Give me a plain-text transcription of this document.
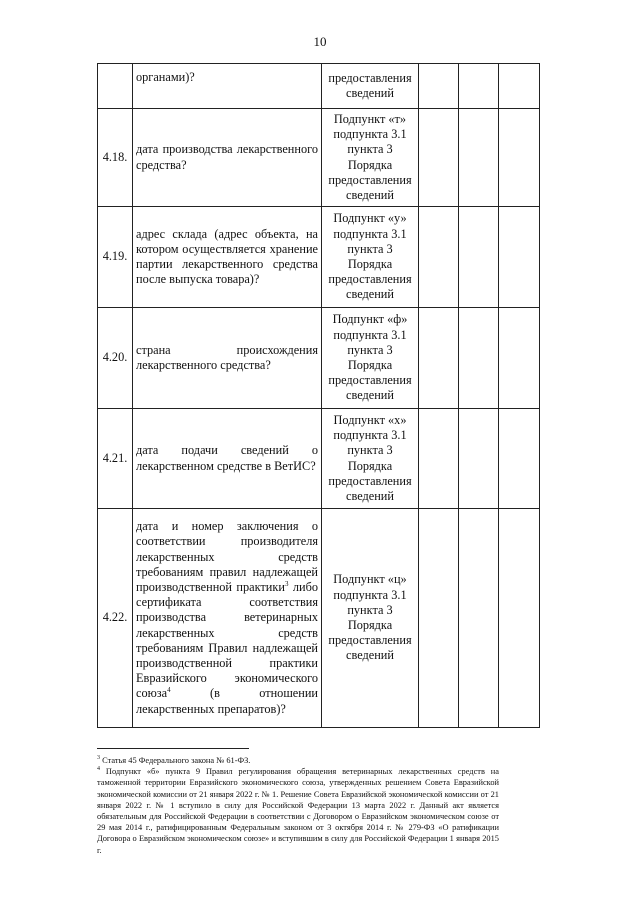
10
	органами)?	предоставления сведений			
4.18.	дата производства лекарственного средства?	Подпункт «т» подпункта 3.1 пункта 3 Порядка предоставления сведений			
4.19.	адрес склада (адрес объекта, на котором осуществляется хранение партии лекарственного средства после выпуска товара)?	Подпункт «у» подпункта 3.1 пункта 3 Порядка предоставления сведений			
4.20.	страна происхождения лекарственного средства?	Подпункт «ф» подпункта 3.1 пункта 3 Порядка предоставления сведений			
4.21.	дата подачи сведений о лекарственном средстве в ВетИС?	Подпункт «х» подпункта 3.1 пункта 3 Порядка предоставления сведений			
4.22.	дата и номер заключения о соответствии производителя лекарственных средств требованиям правил надлежащей производственной практики$^3$ либо сертификата соответствия производства ветеринарных лекарственных средств требованиям Правил надлежащей производственной практики Евразийского экономического союза$^4$ (в отношении лекарственных препаратов)?	Подпункт «ц» подпункта 3.1 пункта 3 Порядка предоставления сведений			

$^3$ Статья 45 Федерального закона № 61-ФЗ.

$^4$ Подпункт «б» пункта 9 Правил регулирования обращения ветеринарных лекарственных средств на таможенной территории Евразийского экономического союза, утвержденных решением Совета Евразийской экономической комиссии от 21 января 2022 г. № 1. Решение Совета Евразийской экономической комиссии от 21 января 2022 г. № 1 вступило в силу для Российской Федерации 13 марта 2022 г. Данный акт является обязательным для Российской Федерации в соответствии с Договором о Евразийском экономическом союзе от 29 мая 2014 г., ратифицированным Федеральным законом от 3 октября 2014 г. № 279-ФЗ «О ратификации Договора о Евразийском экономическом союзе» и вступившим в силу для Российской Федерации 1 января 2015 г.
